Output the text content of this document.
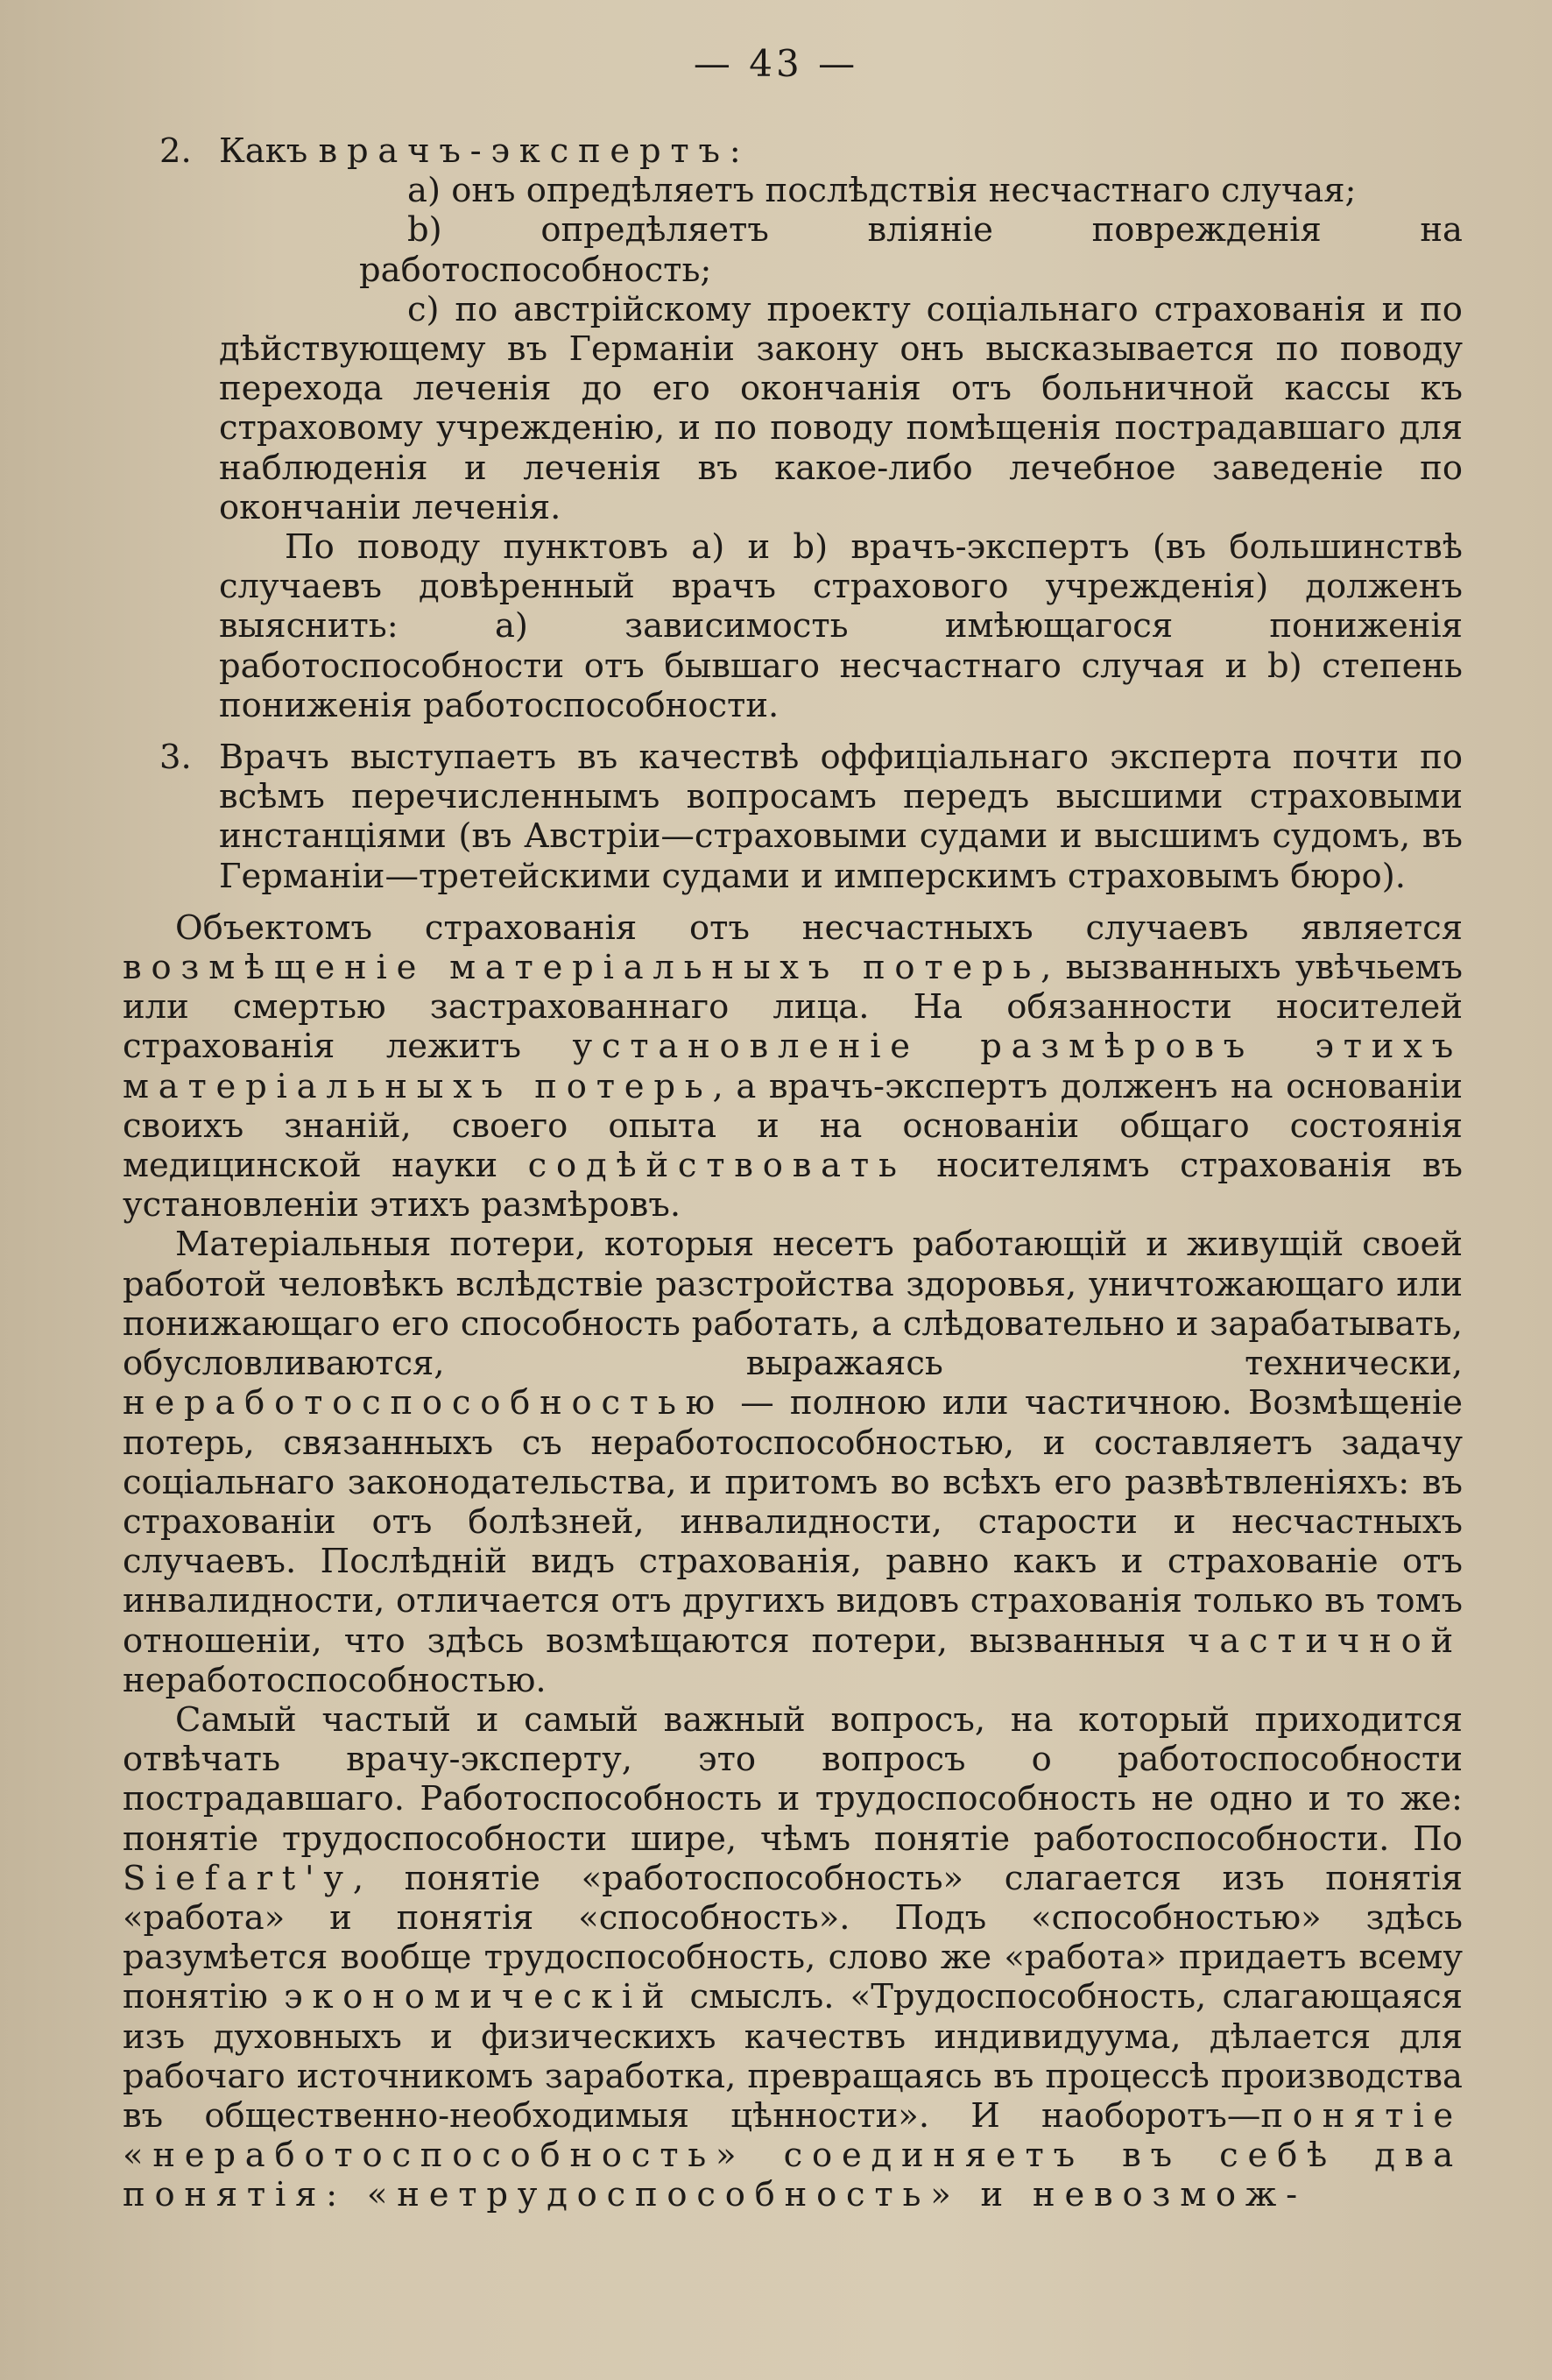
— 43 —
2. Какъ врачъ-экспертъ:

a) онъ опредѣляетъ послѣдствія несчастнаго случая;

b) опредѣляетъ вліяніе поврежденія на работоспособность;

c) по австрійскому проекту соціальнаго страхованія и по дѣйствующему въ Германіи закону онъ высказывается по поводу перехода леченія до его окончанія отъ больничной кассы къ страховому учрежденію, и по поводу помѣщенія пострадавшаго для наблюденія и леченія въ какое-либо лечебное заведеніе по окончаніи леченія.

По поводу пунктовъ a) и b) врачъ-экспертъ (въ большинствѣ случаевъ довѣренный врачъ страхового учрежденія) долженъ выяснить: a) зависимость имѣющагося пониженія работоспособности отъ бывшаго несчастнаго случая и b) степень пониженія работоспособности.

3. Врачъ выступаетъ въ качествѣ оффиціальнаго эксперта почти по всѣмъ перечисленнымъ вопросамъ передъ высшими страховыми инстанціями (въ Австріи—страховыми судами и высшимъ судомъ, въ Германіи—третейскими судами и имперскимъ страховымъ бюро).

Объектомъ страхованія отъ несчастныхъ случаевъ является возмѣщеніе матеріальныхъ потерь, вызванныхъ увѣчьемъ или смертью застрахованнаго лица. На обязанности носителей страхованія лежитъ установленіе размѣровъ этихъ матеріальныхъ потерь, а врачъ-экспертъ долженъ на основаніи своихъ знаній, своего опыта и на основаніи общаго состоянія медицинской науки содѣйствовать носителямъ страхованія въ установленіи этихъ размѣровъ.

Матеріальныя потери, которыя несетъ работающій и живущій своей работой человѣкъ вслѣдствіе разстройства здоровья, уничтожающаго или понижающаго его способность работать, а слѣдовательно и зарабатывать, обусловливаются, выражаясь технически, неработоспособностью — полною или частичною. Возмѣщеніе потерь, связанныхъ съ неработоспособностью, и составляетъ задачу соціальнаго законодательства, и притомъ во всѣхъ его развѣтвленіяхъ: въ страхованіи отъ болѣзней, инвалидности, старости и несчастныхъ случаевъ. Послѣдній видъ страхованія, равно какъ и страхованіе отъ инвалидности, отличается отъ другихъ видовъ страхованія только въ томъ отношеніи, что здѣсь возмѣщаются потери, вызванныя частичной неработоспособностью.

Самый частый и самый важный вопросъ, на который приходится отвѣчать врачу-эксперту, это вопросъ о работоспособности пострадавшаго. Работоспособность и трудоспособность не одно и то же: понятіе трудоспособности шире, чѣмъ понятіе работоспособности. По Siefart'у, понятіе «работоспособность» слагается изъ понятія «работа» и понятія «способность». Подъ «способностью» здѣсь разумѣется вообще трудоспособность, слово же «работа» придаетъ всему понятію экономическій смыслъ. «Трудоспособность, слагающаяся изъ духовныхъ и физическихъ качествъ индивидуума, дѣлается для рабочаго источникомъ заработка, превращаясь въ процессѣ производства въ общественно-необходимыя цѣнности». И наоборотъ—понятіе «неработоспособность» соединяетъ въ себѣ два понятія: «нетрудоспособность» и невозмож-
